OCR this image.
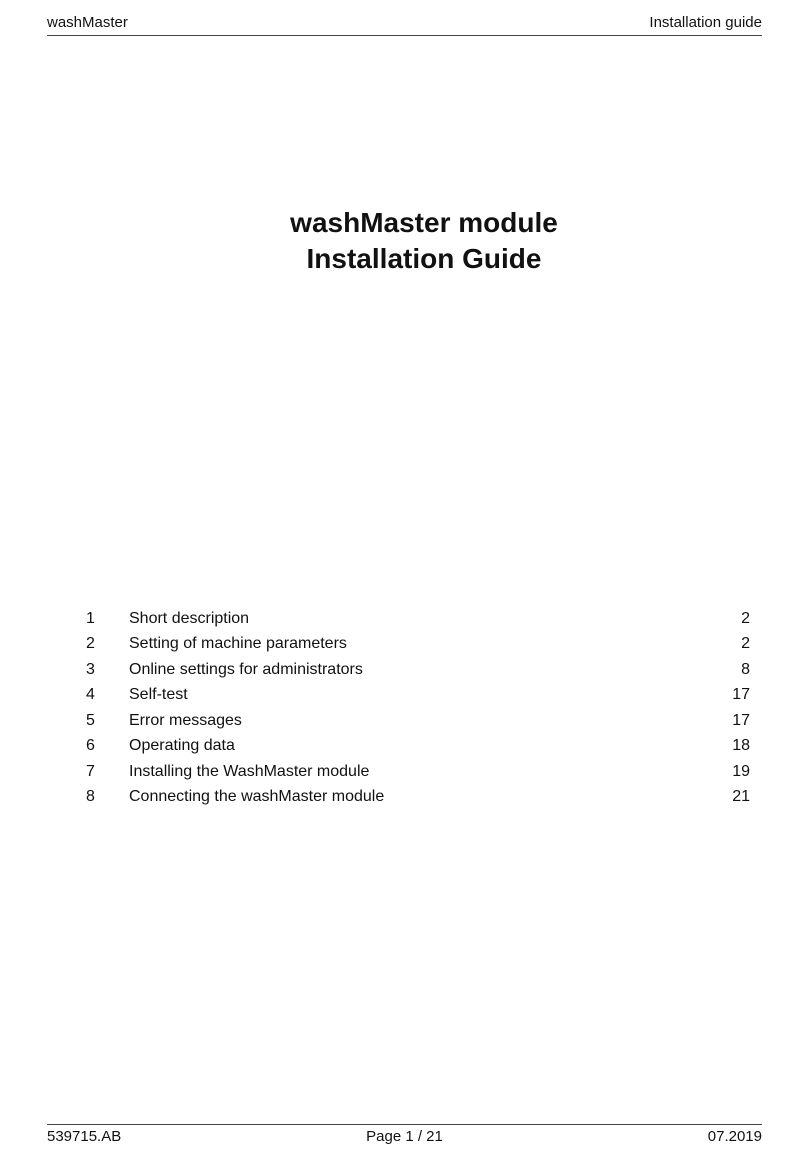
washMaster	Installation guide
washMaster module
Installation Guide
1	Short description	2
2	Setting of machine parameters	2
3	Online settings for administrators	8
4	Self-test	17
5	Error messages	17
6	Operating data	18
7	Installing the WashMaster module	19
8	Connecting the washMaster module	21
539715.AB	Page 1 / 21	07.2019
